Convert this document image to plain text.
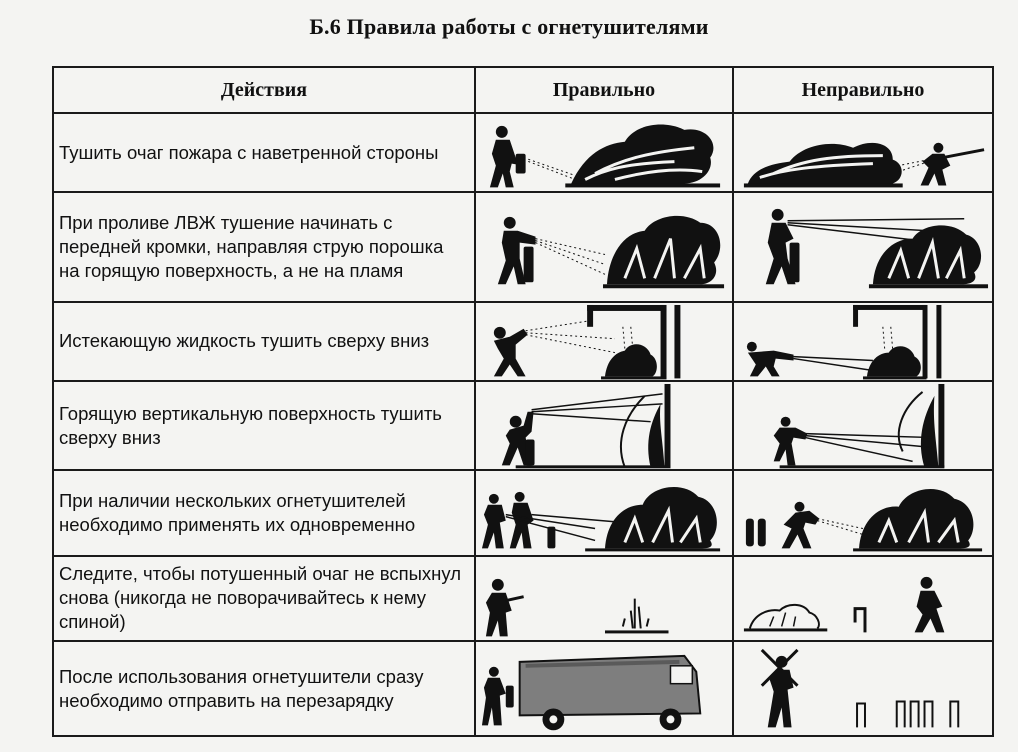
Б.6 Правила работы с огнетушителями
Действия	Правильно	Неправильно
Тушить очаг пожара с наветренной стороны	

При проливе ЛВЖ тушение начинать с передней кромки, направляя струю порошка на горящую поверхность, а не на пламя	

Истекающую жидкость тушить сверху вниз	

Горящую вертикальную поверхность тушить сверху вниз	

При наличии нескольких огнетушителей необходимо применять их одновременно	

Следите, чтобы потушенный очаг не вспыхнул снова (никогда не поворачивайтесь к нему спиной)	

После использования огнетушители сразу необходимо отправить на перезарядку	
